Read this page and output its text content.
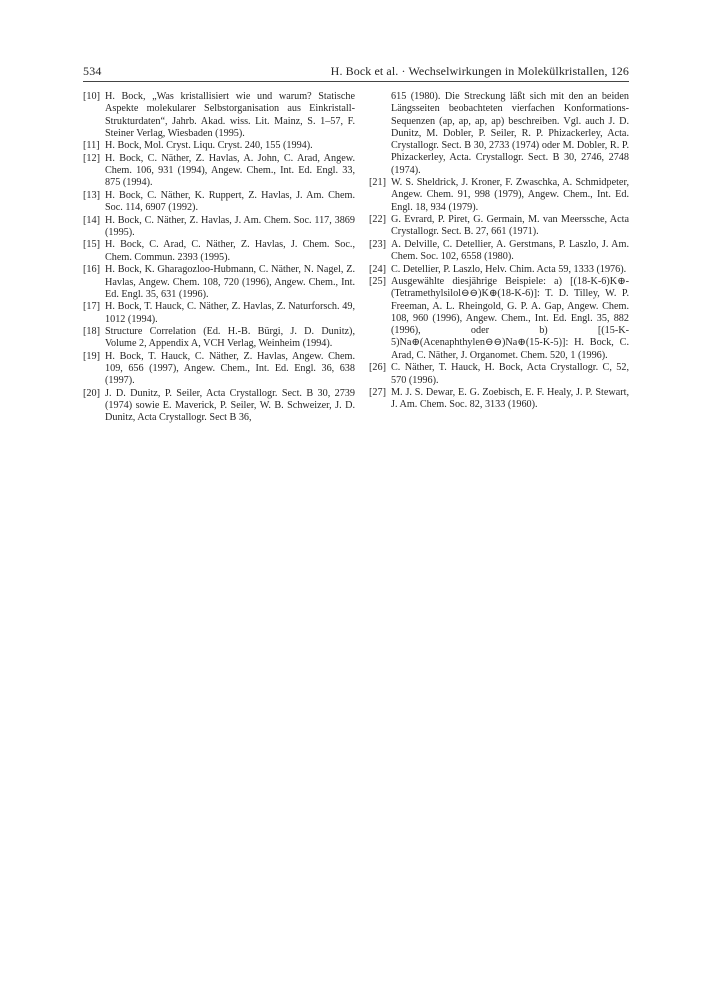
534	H. Bock et al. · Wechselwirkungen in Molekülkristallen, 126

[10] H. Bock, „Was kristallisiert wie und warum? Statische Aspekte molekularer Selbstorganisation aus Einkristall-Strukturdaten“, Jahrb. Akad. wiss. Lit. Mainz, S. 1–57, F. Steiner Verlag, Wiesbaden (1995).

[11] H. Bock, Mol. Cryst. Liqu. Cryst. 240, 155 (1994).

[12] H. Bock, C. Näther, Z. Havlas, A. John, C. Arad, Angew. Chem. 106, 931 (1994), Angew. Chem., Int. Ed. Engl. 33, 875 (1994).

[13] H. Bock, C. Näther, K. Ruppert, Z. Havlas, J. Am. Chem. Soc. 114, 6907 (1992).

[14] H. Bock, C. Näther, Z. Havlas, J. Am. Chem. Soc. 117, 3869 (1995).

[15] H. Bock, C. Arad, C. Näther, Z. Havlas, J. Chem. Soc., Chem. Commun. 2393 (1995).

[16] H. Bock, K. Gharagozloo-Hubmann, C. Näther, N. Nagel, Z. Havlas, Angew. Chem. 108, 720 (1996), Angew. Chem., Int. Ed. Engl. 35, 631 (1996).

[17] H. Bock, T. Hauck, C. Näther, Z. Havlas, Z. Naturforsch. 49, 1012 (1994).

[18] Structure Correlation (Ed. H.-B. Bürgi, J. D. Dunitz), Volume 2, Appendix A, VCH Verlag, Weinheim (1994).

[19] H. Bock, T. Hauck, C. Näther, Z. Havlas, Angew. Chem. 109, 656 (1997), Angew. Chem., Int. Ed. Engl. 36, 638 (1997).

[20] J. D. Dunitz, P. Seiler, Acta Crystallogr. Sect. B 30, 2739 (1974) sowie E. Maverick, P. Seiler, W. B. Schweizer, J. D. Dunitz, Acta Crystallogr. Sect B 36,

615 (1980). Die Streckung läßt sich mit den an beiden Längsseiten beobachteten vierfachen Konformations-Sequenzen (ap, ap, ap, ap) beschreiben. Vgl. auch J. D. Dunitz, M. Dobler, P. Seiler, R. P. Phizackerley, Acta. Crystallogr. Sect. B 30, 2733 (1974) oder M. Dobler, R. P. Phizackerley, Acta. Crystallogr. Sect. B 30, 2746, 2748 (1974).

[21] W. S. Sheldrick, J. Kroner, F. Zwaschka, A. Schmidpeter, Angew. Chem. 91, 998 (1979), Angew. Chem., Int. Ed. Engl. 18, 934 (1979).

[22] G. Evrard, P. Piret, G. Germain, M. van Meerssche, Acta Crystallogr. Sect. B. 27, 661 (1971).

[23] A. Delville, C. Detellier, A. Gerstmans, P. Laszlo, J. Am. Chem. Soc. 102, 6558 (1980).

[24] C. Detellier, P. Laszlo, Helv. Chim. Acta 59, 1333 (1976).

[25] Ausgewählte diesjährige Beispiele: a) [(18-K-6)K⊕-(Tetramethylsilol⊖⊖)K⊕(18-K-6)]: T. D. Tilley, W. P. Freeman, A. L. Rheingold, G. P. A. Gap, Angew. Chem. 108, 960 (1996), Angew. Chem., Int. Ed. Engl. 35, 882 (1996), oder b) [(15-K-5)Na⊕(Acenaphthylen⊖⊖)Na⊕(15-K-5)]: H. Bock, C. Arad, C. Näther, J. Organomet. Chem. 520, 1 (1996).

[26] C. Näther, T. Hauck, H. Bock, Acta Crystallogr. C, 52, 570 (1996).

[27] M. J. S. Dewar, E. G. Zoebisch, E. F. Healy, J. P. Stewart, J. Am. Chem. Soc. 82, 3133 (1960).
